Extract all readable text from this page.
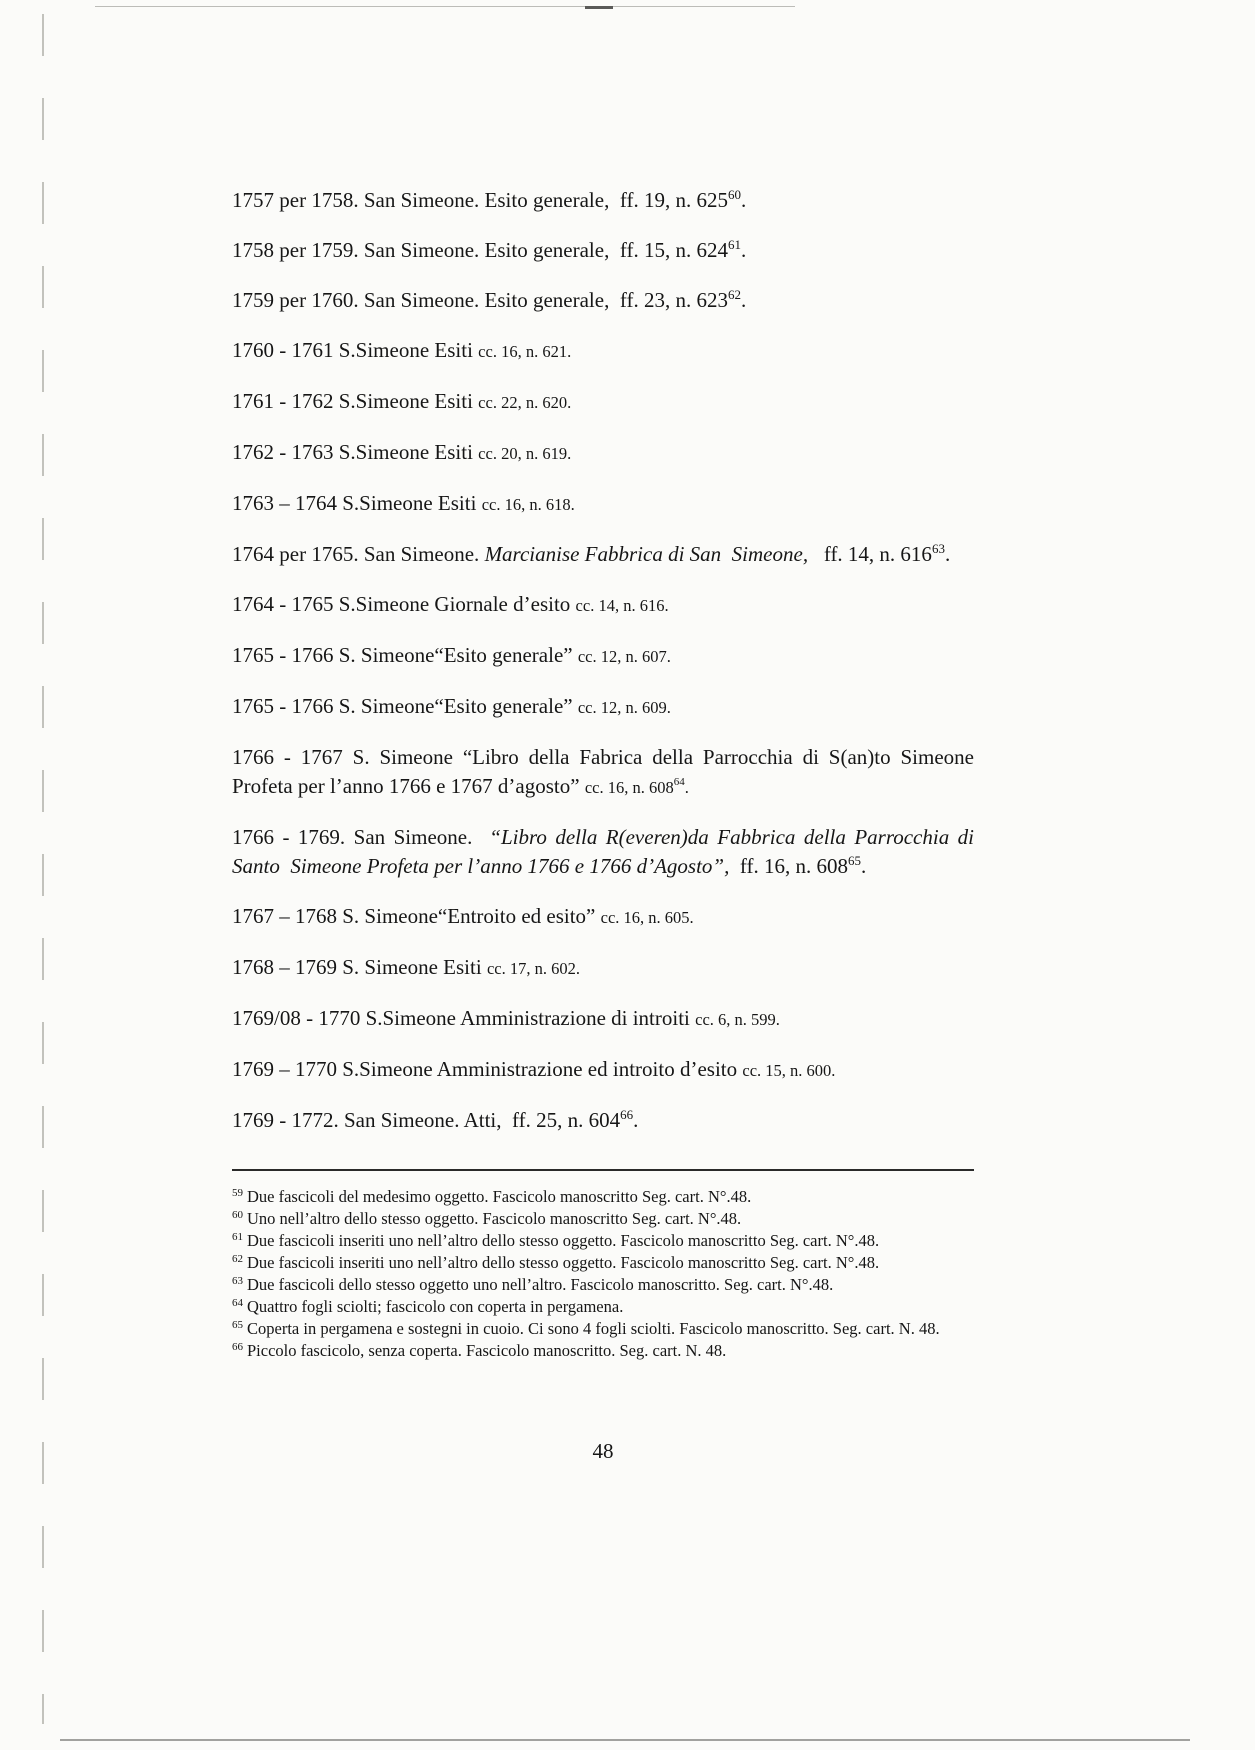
1757 per 1758. San Simeone. Esito generale,  ff. 19, n. $625^{60}$.

1758 per 1759. San Simeone. Esito generale,  ff. 15, n. $624^{61}$.

1759 per 1760. San Simeone. Esito generale,  ff. 23, n. $623^{62}$.

1760 - 1761 S.Simeone Esiti cc. 16, n. 621.

1761 - 1762 S.Simeone Esiti cc. 22, n. 620.

1762 - 1763 S.Simeone Esiti cc. 20, n. 619.

1763 – 1764 S.Simeone Esiti cc. 16, n. 618.

1764 per 1765. San Simeone. Marcianise Fabbrica di San  Simeone,   ff. 14, n. $616^{63}$.

1764 - 1765 S.Simeone Giornale d’esito cc. 14, n. 616.

1765 - 1766 S. Simeone“Esito generale” cc. 12, n. 607.

1765 - 1766 S. Simeone“Esito generale” cc. 12, n. 609.

1766 - 1767 S. Simeone “Libro della Fabrica della Parrocchia di S(an)to Simeone Profeta per l’anno 1766 e 1767 d’agosto” cc. 16, n. $608^{64}$.

1766 - 1769. San Simeone.  “Libro della R(everen)da Fabbrica della Parrocchia di Santo  Simeone Profeta per l’anno 1766 e 1766 d’Agosto”,  ff. 16, n. $608^{65}$.

1767 – 1768 S. Simeone“Entroito ed esito” cc. 16, n. 605.

1768 – 1769 S. Simeone Esiti cc. 17, n. 602.

1769/08 - 1770 S.Simeone Amministrazione di introiti cc. 6, n. 599.

1769 – 1770 S.Simeone Amministrazione ed introito d’esito cc. 15, n. 600.

1769 - 1772. San Simeone. Atti,  ff. 25, n. $604^{66}$.

$^{59}$ Due fascicoli del medesimo oggetto. Fascicolo manoscritto Seg. cart. N°.48.

$^{60}$ Uno nell’altro dello stesso oggetto. Fascicolo manoscritto Seg. cart. N°.48.

$^{61}$ Due fascicoli inseriti uno nell’altro dello stesso oggetto. Fascicolo manoscritto Seg. cart. N°.48.

$^{62}$ Due fascicoli inseriti uno nell’altro dello stesso oggetto. Fascicolo manoscritto Seg. cart. N°.48.

$^{63}$ Due fascicoli dello stesso oggetto uno nell’altro. Fascicolo manoscritto. Seg. cart. N°.48.

$^{64}$ Quattro fogli sciolti; fascicolo con coperta in pergamena.

$^{65}$ Coperta in pergamena e sostegni in cuoio. Ci sono 4 fogli sciolti. Fascicolo manoscritto. Seg. cart. N. 48.

$^{66}$ Piccolo fascicolo, senza coperta. Fascicolo manoscritto. Seg. cart. N. 48.

48
